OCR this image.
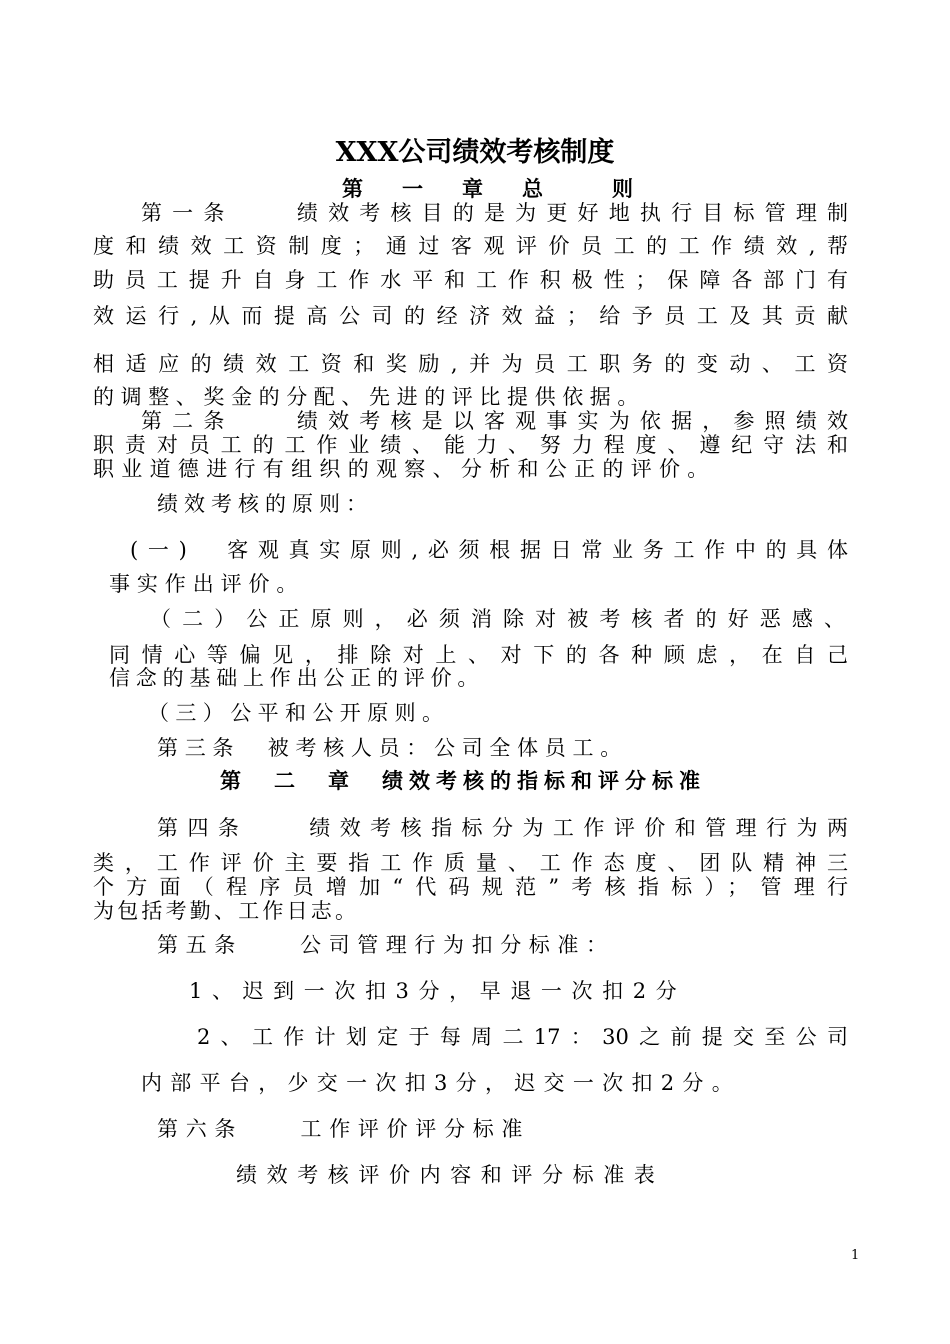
XXX公司绩效考核制度
第　一　章　总　　则
第一条　　绩效考核目的是为更好地执行目标管理制
度和绩效工资制度；通过客观评价员工的工作绩效,帮
助员工提升自身工作水平和工作积极性；保障各部门有
效运行,从而提高公司的经济效益；给予员工及其贡献
相适应的绩效工资和奖励,并为员工职务的变动、工资
的调整、奖金的分配、先进的评比提供依据。
第二条　　绩效考核是以客观事实为依据，参照绩效
职责对员工的工作业绩、能力、努力程度、遵纪守法和
职业道德进行有组织的观察、分析和公正的评价。
绩效考核的原则：
(一)　客观真实原则,必须根据日常业务工作中的具体
事实作出评价。
（二）公正原则，必须消除对被考核者的好恶感、
同情心等偏见，排除对上、对下的各种顾虑，在自己
信念的基础上作出公正的评价。
（三）公平和公开原则。
第三条　被考核人员：公司全体员工。
第　二　章　绩效考核的指标和评分标准
第四条　　绩效考核指标分为工作评价和管理行为两
类，工作评价主要指工作质量、工作态度、团队精神三
个方面（程序员增加“代码规范”考核指标）；管理行
为包括考勤、工作日志。
第五条　　公司管理行为扣分标准：
1、迟到一次扣3分，早退一次扣2分
2、工作计划定于每周二17：30之前提交至公司
内部平台，少交一次扣3分，迟交一次扣2分。
第六条　　工作评价评分标准
绩效考核评价内容和评分标准表
1
